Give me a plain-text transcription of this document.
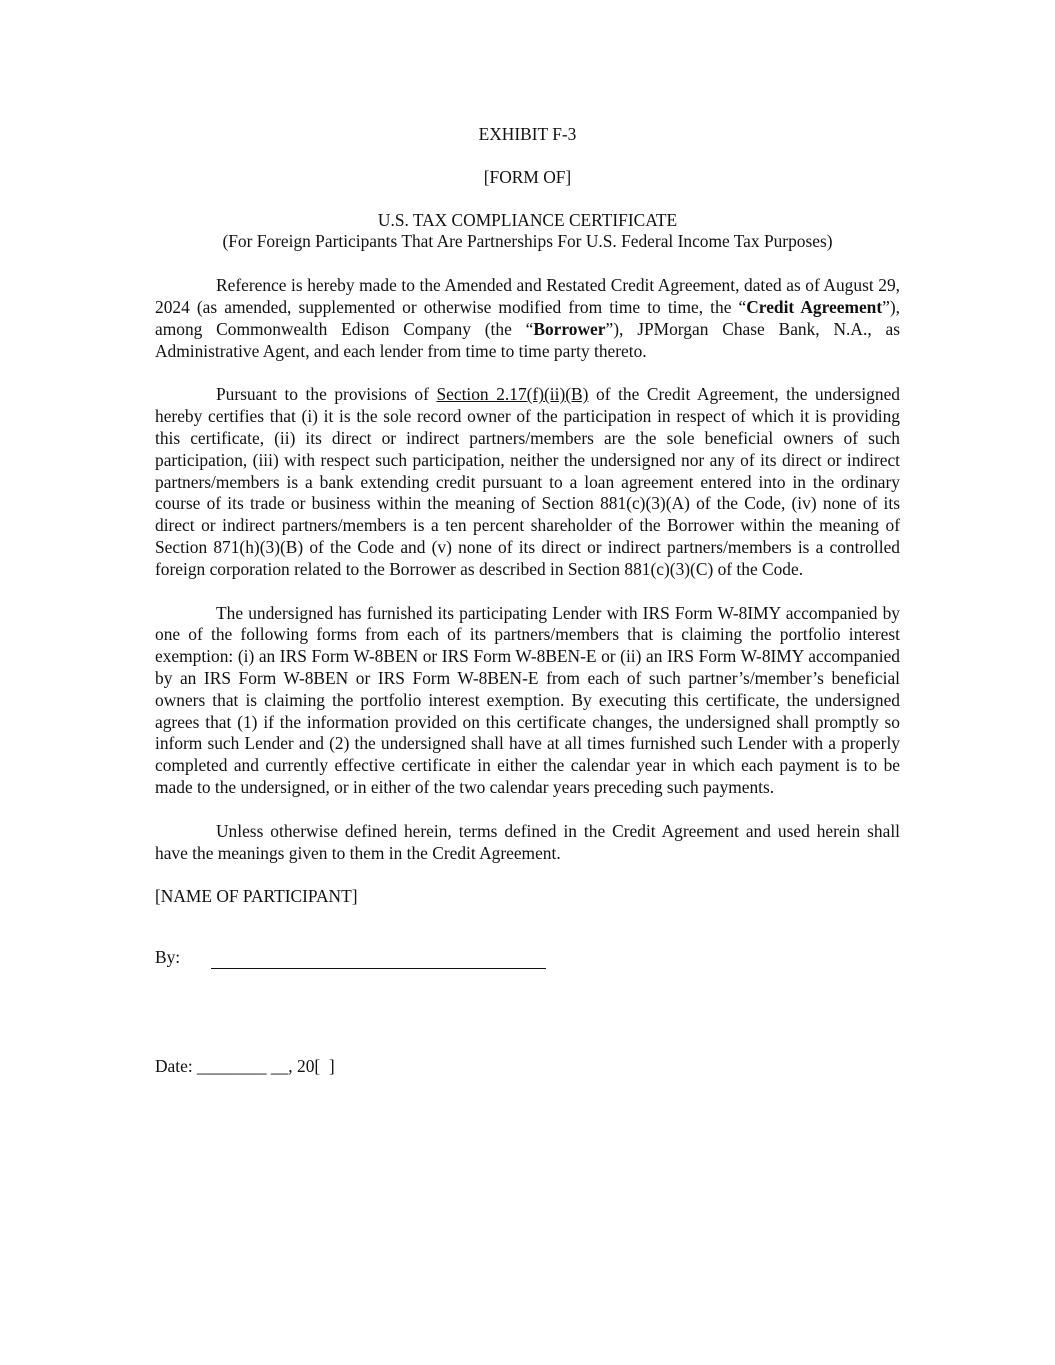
EXHIBIT F-3
[FORM OF]
U.S. TAX COMPLIANCE CERTIFICATE
(For Foreign Participants That Are Partnerships For U.S. Federal Income Tax Purposes)

Reference is hereby made to the Amended and Restated Credit Agreement, dated as of August 29, 2024 (as amended, supplemented or otherwise modified from time to time, the “Credit Agreement”), among Commonwealth Edison Company (the “Borrower”), JPMorgan Chase Bank, N.A., as Administrative Agent, and each lender from time to time party thereto.

Pursuant to the provisions of Section 2.17(f)(ii)(B) of the Credit Agreement, the undersigned hereby certifies that (i) it is the sole record owner of the participation in respect of which it is providing this certificate, (ii) its direct or indirect partners/members are the sole beneficial owners of such participation, (iii) with respect such participation, neither the undersigned nor any of its direct or indirect partners/members is a bank extending credit pursuant to a loan agreement entered into in the ordinary course of its trade or business within the meaning of Section 881(c)(3)(A) of the Code, (iv) none of its direct or indirect partners/members is a ten percent shareholder of the Borrower within the meaning of Section 871(h)(3)(B) of the Code and (v) none of its direct or indirect partners/members is a controlled foreign corporation related to the Borrower as described in Section 881(c)(3)(C) of the Code.

The undersigned has furnished its participating Lender with IRS Form W-8IMY accompanied by one of the following forms from each of its partners/members that is claiming the portfolio interest exemption: (i) an IRS Form W-8BEN or IRS Form W-8BEN-E or (ii) an IRS Form W-8IMY accompanied by an IRS Form W-8BEN or IRS Form W-8BEN-E from each of such partner’s/member’s beneficial owners that is claiming the portfolio interest exemption. By executing this certificate, the undersigned agrees that (1) if the information provided on this certificate changes, the undersigned shall promptly so inform such Lender and (2) the undersigned shall have at all times furnished such Lender with a properly completed and currently effective certificate in either the calendar year in which each payment is to be made to the undersigned, or in either of the two calendar years preceding such payments.

Unless otherwise defined herein, terms defined in the Credit Agreement and used herein shall have the meanings given to them in the Credit Agreement.

[NAME OF PARTICIPANT]
By:
Date: ________ __, 20[  ]
